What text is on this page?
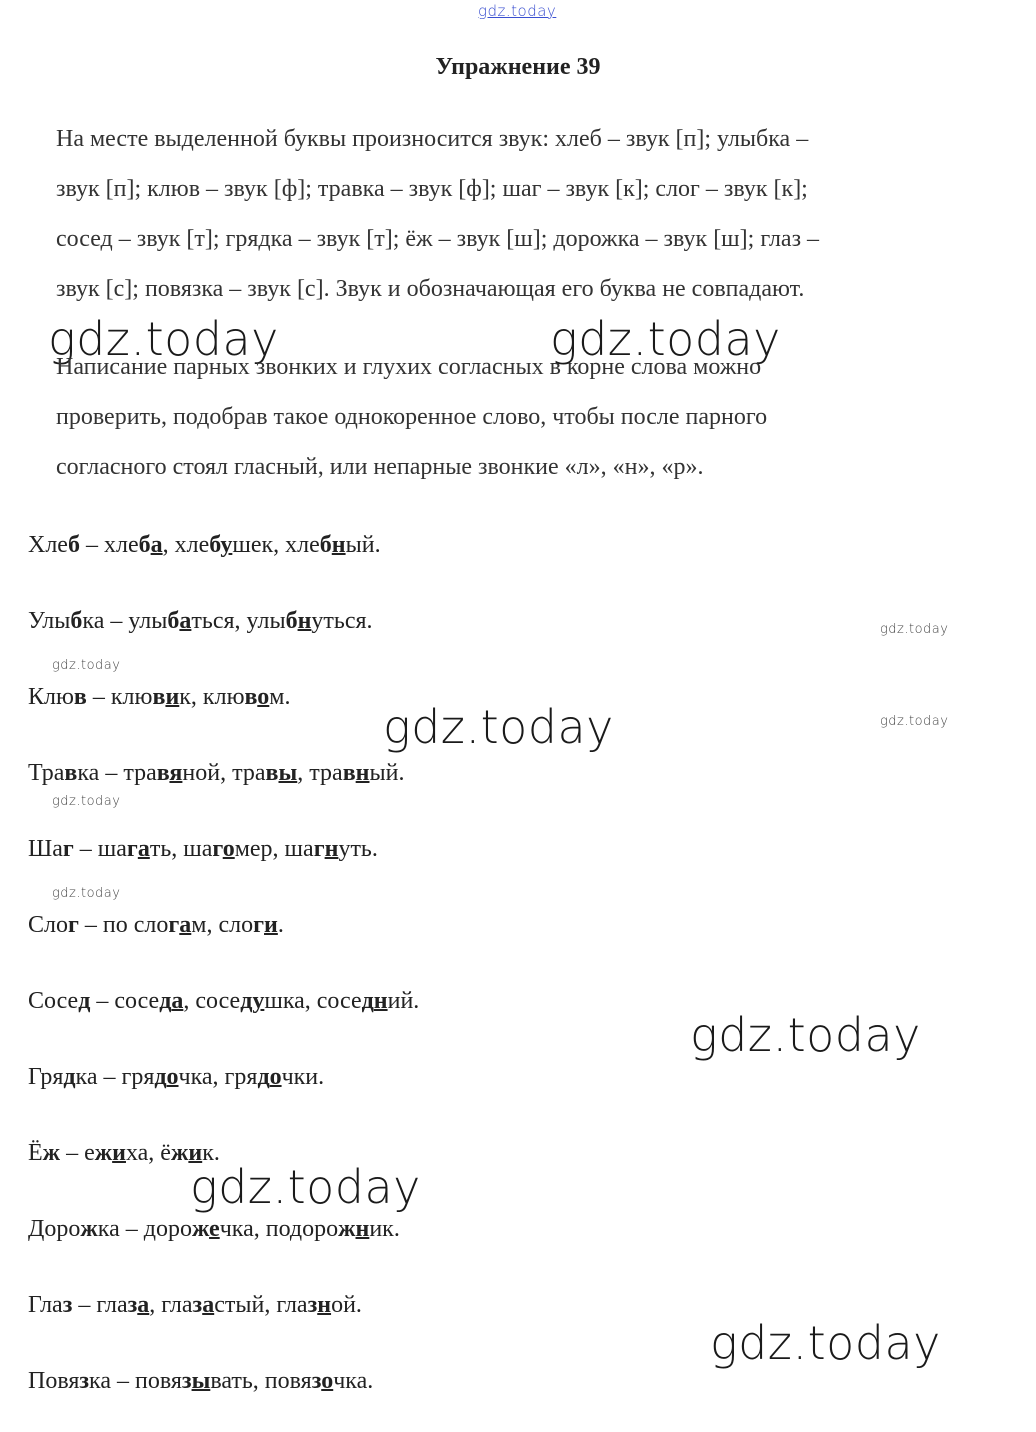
gdz.today
gdz.today	gdz.today
gdz.today
gdz.today
gdz.today
gdz.today
gdz.today
gdz.today
gdz.today
gdz.today
gdz.today
Упражнение 39
На месте выделенной буквы произносится звук: хлеб – звук [п]; улыбка –
звук [п]; клюв – звук [ф]; травка – звук [ф]; шаг – звук [к]; слог – звук [к];
сосед – звук [т]; грядка – звук [т]; ёж – звук [ш]; дорожка – звук [ш]; глаз –
звук [с]; повязка – звук [с]. Звук и обозначающая его буква не совпадают.
Написание парных звонких и глухих согласных в корне слова можно
проверить, подобрав такое однокоренное слово, чтобы после парного
согласного стоял гласный, или непарные звонкие «л», «н», «р».
Хлеб – хлеба, хлебушек, хлебный.
Улыбка – улыбаться, улыбнуться.
Клюв – клювик, клювом.
Травка – травяной, травы, травный.
Шаг – шагать, шагомер, шагнуть.
Слог – по слогам, слоги.
Сосед – соседа, соседушка, соседний.
Грядка – грядочка, грядочки.
Ёж – ежиха, ёжик.
Дорожка – дорожечка, подорожник.
Глаз – глаза, глазастый, глазной.
Повязка – повязывать, повязочка.
